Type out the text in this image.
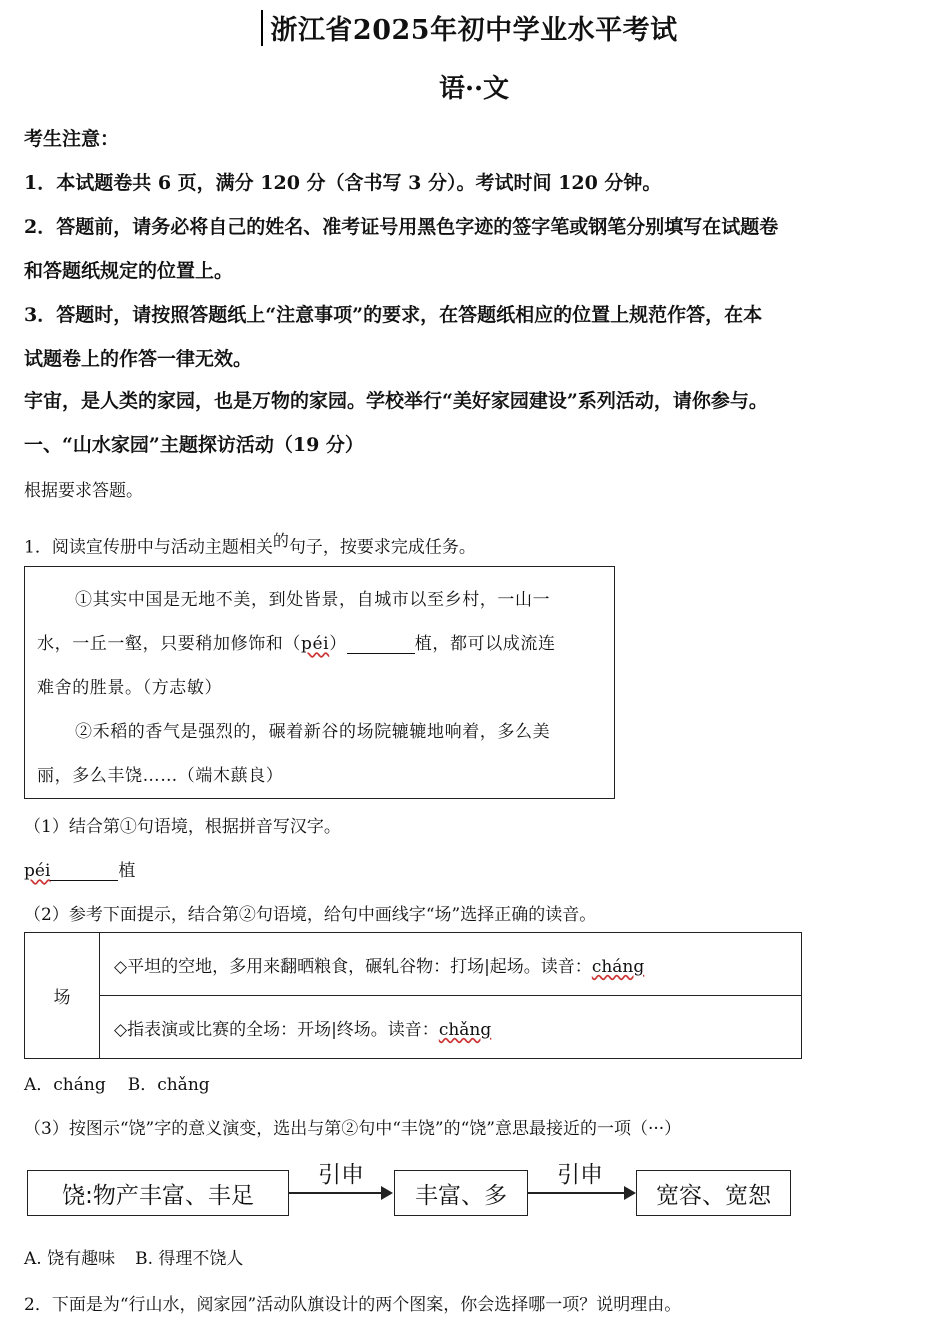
浙江省2025年初中学业水平考试
语··文
考生注意：
1．本试题卷共 6 页，满分 120 分（含书写 3 分）。考试时间 120 分钟。
2．答题前，请务必将自己的姓名、准考证号用黑色字迹的签字笔或钢笔分别填写在试题卷
和答题纸规定的位置上。
3．答题时，请按照答题纸上“注意事项”的要求，在答题纸相应的位置上规范作答，在本
试题卷上的作答一律无效。
宇宙，是人类的家园，也是万物的家园。学校举行“美好家园建设”系列活动，请你参与。
一、“山水家园”主题探访活动（19 分）
根据要求答题。
1．阅读宣传册中与活动主题相关$^的$句子，按要求完成任务。
①其实中国是无地不美，到处皆景，自城市以至乡村，一山一
水，一丘一壑，只要稍加修饰和（péi）	植，都可以成流连
难舍的胜景。（方志敏）
②禾稻的香气是强烈的，碾着新谷的场院辘辘地响着，多么美
丽，多么丰饶……（端木蕻良）
（1）结合第①句语境，根据拼音写汉字。
péi	植
（2）参考下面提示，结合第②句语境，给句中画线字“场”选择正确的读音。
场	◇平坦的空地，多用来翻晒粮食，碾轧谷物：打场|起场。读音：cháng
◇指表演或比赛的全场：开场|终场。读音：chǎng
A．cháng B．chǎng
（3）按图示“饶”字的意义演变，选出与第②句中“丰饶”的“饶”意思最接近的一项（···）
饶:物产丰富、丰足
引申
丰富、多
引申
宽容、宽恕
A. 饶有趣味 B. 得理不饶人
2．下面是为“行山水，阅家园”活动队旗设计的两个图案，你会选择哪一项？说明理由。
